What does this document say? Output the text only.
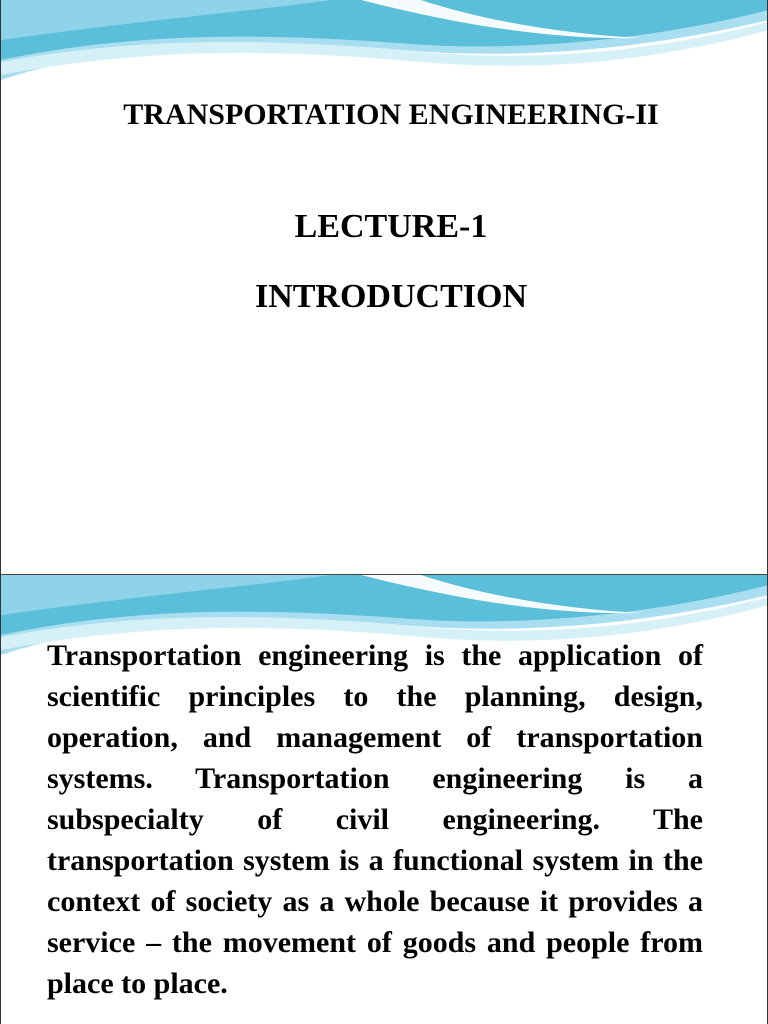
TRANSPORTATION ENGINEERING-II
LECTURE-1
INTRODUCTION

Transportation engineering is the application of scientific principles to the planning, design, operation, and management of transportation systems. Transportation engineering is a subspecialty of civil engineering. The transportation system is a functional system in the context of society as a whole because it provides a service – the movement of goods and people from place to place.
